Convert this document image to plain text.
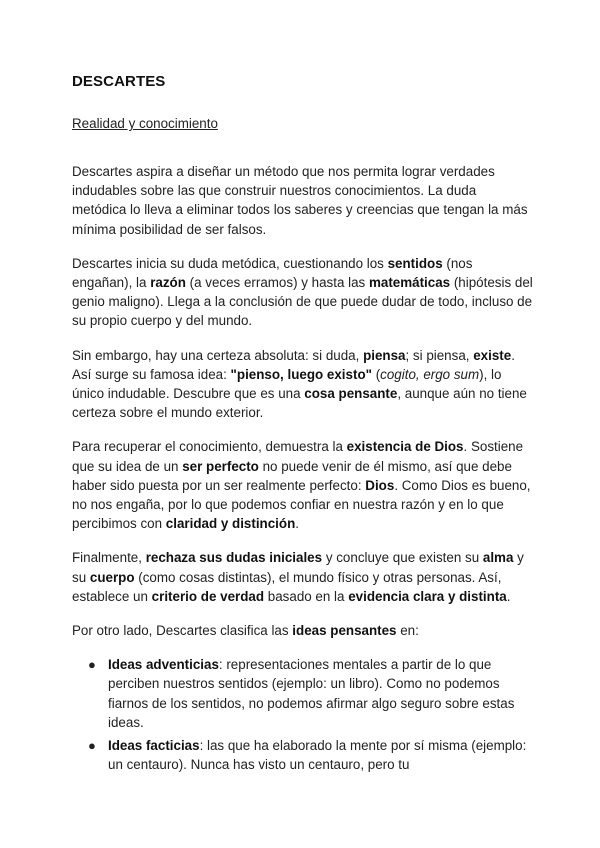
DESCARTES
Realidad y conocimiento

Descartes aspira a diseñar un método que nos permita lograr verdades indudables sobre las que construir nuestros conocimientos. La duda metódica lo lleva a eliminar todos los saberes y creencias que tengan la más mínima posibilidad de ser falsos.

Descartes inicia su duda metódica, cuestionando los sentidos (nos engañan), la razón (a veces erramos) y hasta las matemáticas (hipótesis del genio maligno). Llega a la conclusión de que puede dudar de todo, incluso de su propio cuerpo y del mundo.

Sin embargo, hay una certeza absoluta: si duda, piensa; si piensa, existe. Así surge su famosa idea: "pienso, luego existo" (cogito, ergo sum), lo único indudable. Descubre que es una cosa pensante, aunque aún no tiene certeza sobre el mundo exterior.

Para recuperar el conocimiento, demuestra la existencia de Dios. Sostiene que su idea de un ser perfecto no puede venir de él mismo, así que debe haber sido puesta por un ser realmente perfecto: Dios. Como Dios es bueno, no nos engaña, por lo que podemos confiar en nuestra razón y en lo que percibimos con claridad y distinción.

Finalmente, rechaza sus dudas iniciales y concluye que existen su alma y su cuerpo (como cosas distintas), el mundo físico y otras personas. Así, establece un criterio de verdad basado en la evidencia clara y distinta.

Por otro lado, Descartes clasifica las ideas pensantes en:

● Ideas adventicias: representaciones mentales a partir de lo que perciben nuestros sentidos (ejemplo: un libro). Como no podemos fiarnos de los sentidos, no podemos afirmar algo seguro sobre estas ideas.
● Ideas facticias: las que ha elaborado la mente por sí misma (ejemplo: un centauro). Nunca has visto un centauro, pero tu
